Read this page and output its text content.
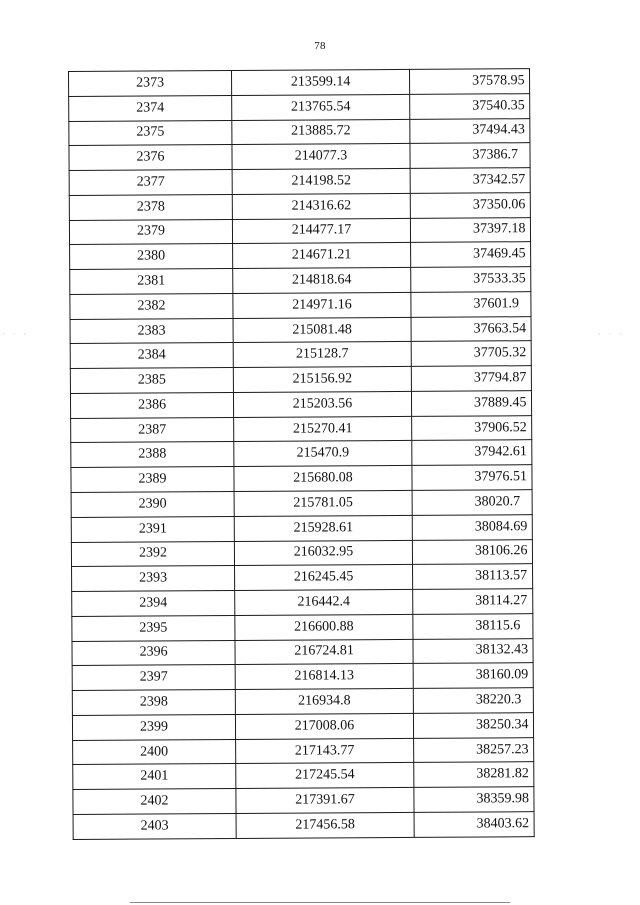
78
· · ·	· · ·
2373	213599.14	37578.95
2374	213765.54	37540.35
2375	213885.72	37494.43
2376	214077.3	37386.7
2377	214198.52	37342.57
2378	214316.62	37350.06
2379	214477.17	37397.18
2380	214671.21	37469.45
2381	214818.64	37533.35
2382	214971.16	37601.9
2383	215081.48	37663.54
2384	215128.7	37705.32
2385	215156.92	37794.87
2386	215203.56	37889.45
2387	215270.41	37906.52
2388	215470.9	37942.61
2389	215680.08	37976.51
2390	215781.05	38020.7
2391	215928.61	38084.69
2392	216032.95	38106.26
2393	216245.45	38113.57
2394	216442.4	38114.27
2395	216600.88	38115.6
2396	216724.81	38132.43
2397	216814.13	38160.09
2398	216934.8	38220.3
2399	217008.06	38250.34
2400	217143.77	38257.23
2401	217245.54	38281.82
2402	217391.67	38359.98
2403	217456.58	38403.62
